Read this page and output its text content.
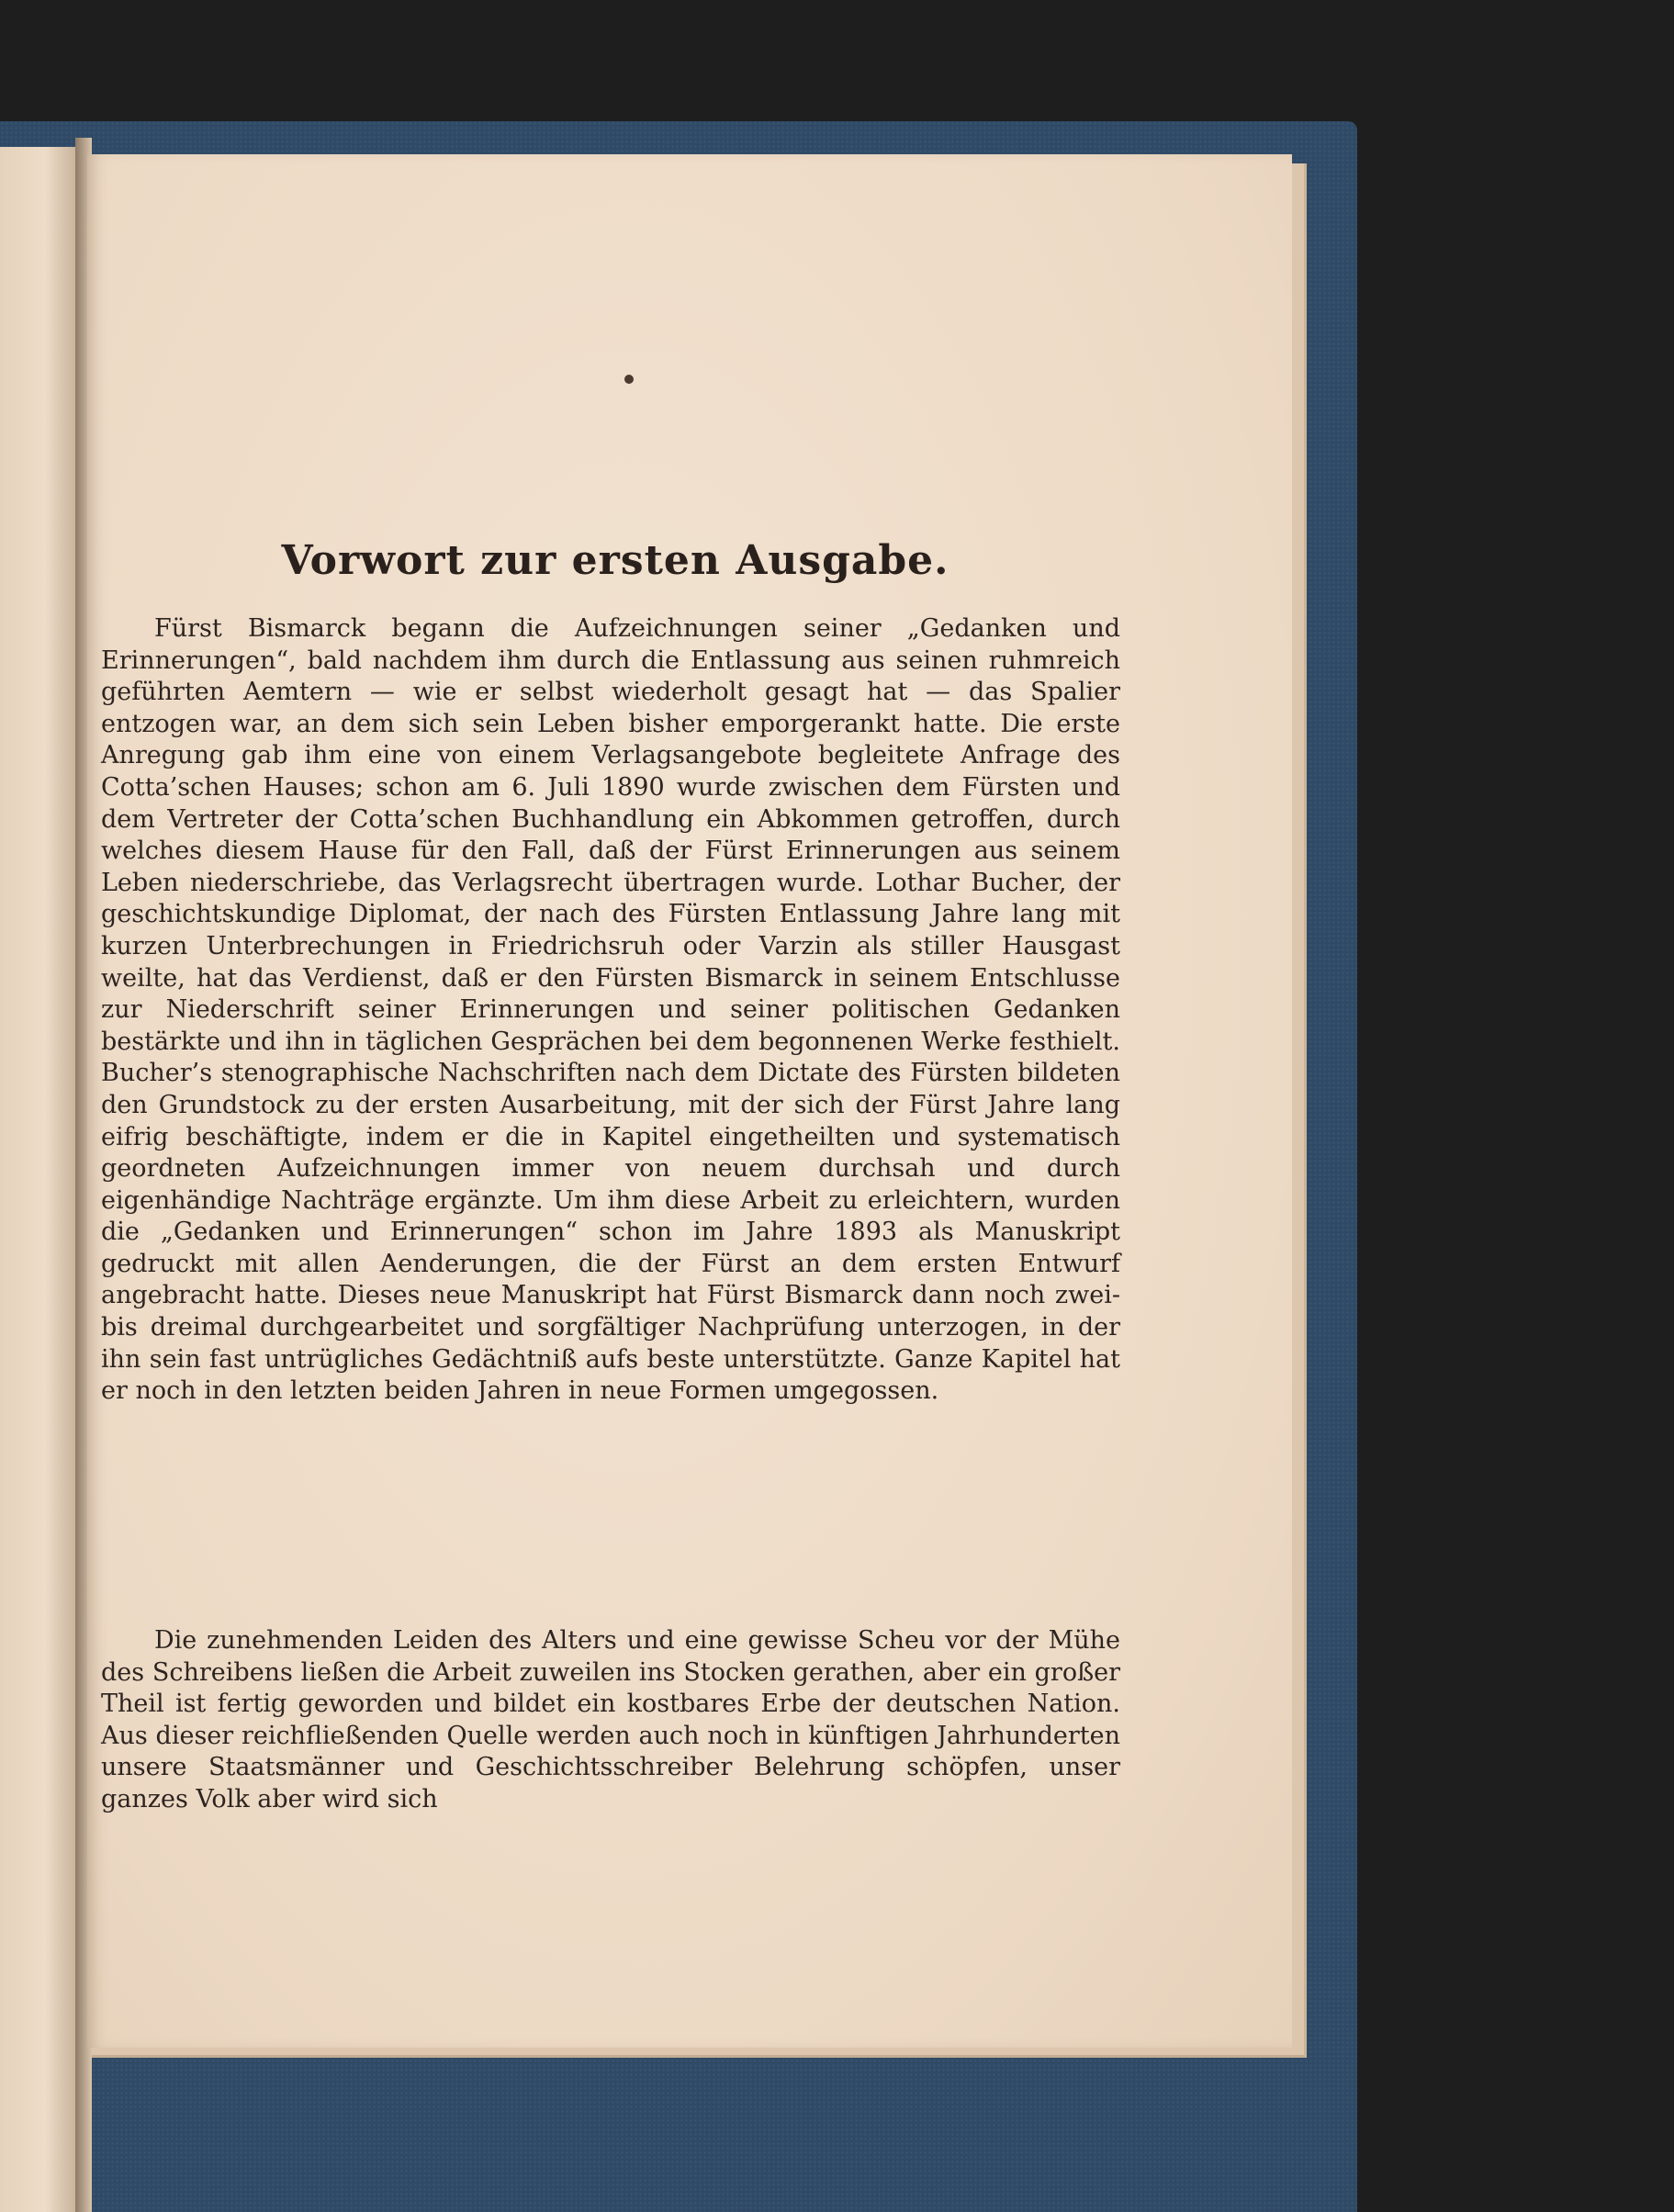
Vorwort zur ersten Ausgabe.

Fürst Bismarck begann die Aufzeichnungen seiner „Gedanken und Erinnerungen“, bald nachdem ihm durch die Entlassung aus seinen ruhmreich geführten Aemtern — wie er selbst wiederholt gesagt hat — das Spalier entzogen war, an dem sich sein Leben bisher emporgerankt hatte. Die erste Anregung gab ihm eine von einem Verlagsangebote begleitete Anfrage des Cotta’schen Hauses; schon am 6. Juli 1890 wurde zwischen dem Fürsten und dem Vertreter der Cotta’schen Buchhandlung ein Abkommen getroffen, durch welches diesem Hause für den Fall, daß der Fürst Erinnerungen aus seinem Leben niederschriebe, das Verlagsrecht übertragen wurde. Lothar Bucher, der geschichtskundige Diplomat, der nach des Fürsten Entlassung Jahre lang mit kurzen Unterbrechungen in Friedrichsruh oder Varzin als stiller Hausgast weilte, hat das Verdienst, daß er den Fürsten Bismarck in seinem Entschlusse zur Niederschrift seiner Erinnerungen und seiner politischen Gedanken bestärkte und ihn in täglichen Gesprächen bei dem begonnenen Werke festhielt. Bucher’s stenographische Nachschriften nach dem Dictate des Fürsten bildeten den Grundstock zu der ersten Ausarbeitung, mit der sich der Fürst Jahre lang eifrig beschäftigte, indem er die in Kapitel eingetheilten und systematisch geordneten Aufzeichnungen immer von neuem durchsah und durch eigenhändige Nachträge ergänzte. Um ihm diese Arbeit zu erleichtern, wurden die „Gedanken und Erinnerungen“ schon im Jahre 1893 als Manuskript gedruckt mit allen Aenderungen, die der Fürst an dem ersten Entwurf angebracht hatte. Dieses neue Manuskript hat Fürst Bismarck dann noch zwei- bis dreimal durchgearbeitet und sorgfältiger Nachprüfung unterzogen, in der ihn sein fast untrügliches Gedächtniß aufs beste unterstützte. Ganze Kapitel hat er noch in den letzten beiden Jahren in neue Formen umgegossen.

Die zunehmenden Leiden des Alters und eine gewisse Scheu vor der Mühe des Schreibens ließen die Arbeit zuweilen ins Stocken gerathen, aber ein großer Theil ist fertig geworden und bildet ein kostbares Erbe der deutschen Nation. Aus dieser reichfließenden Quelle werden auch noch in künftigen Jahrhunderten unsere Staatsmänner und Geschichtsschreiber Belehrung schöpfen, unser ganzes Volk aber wird sich
